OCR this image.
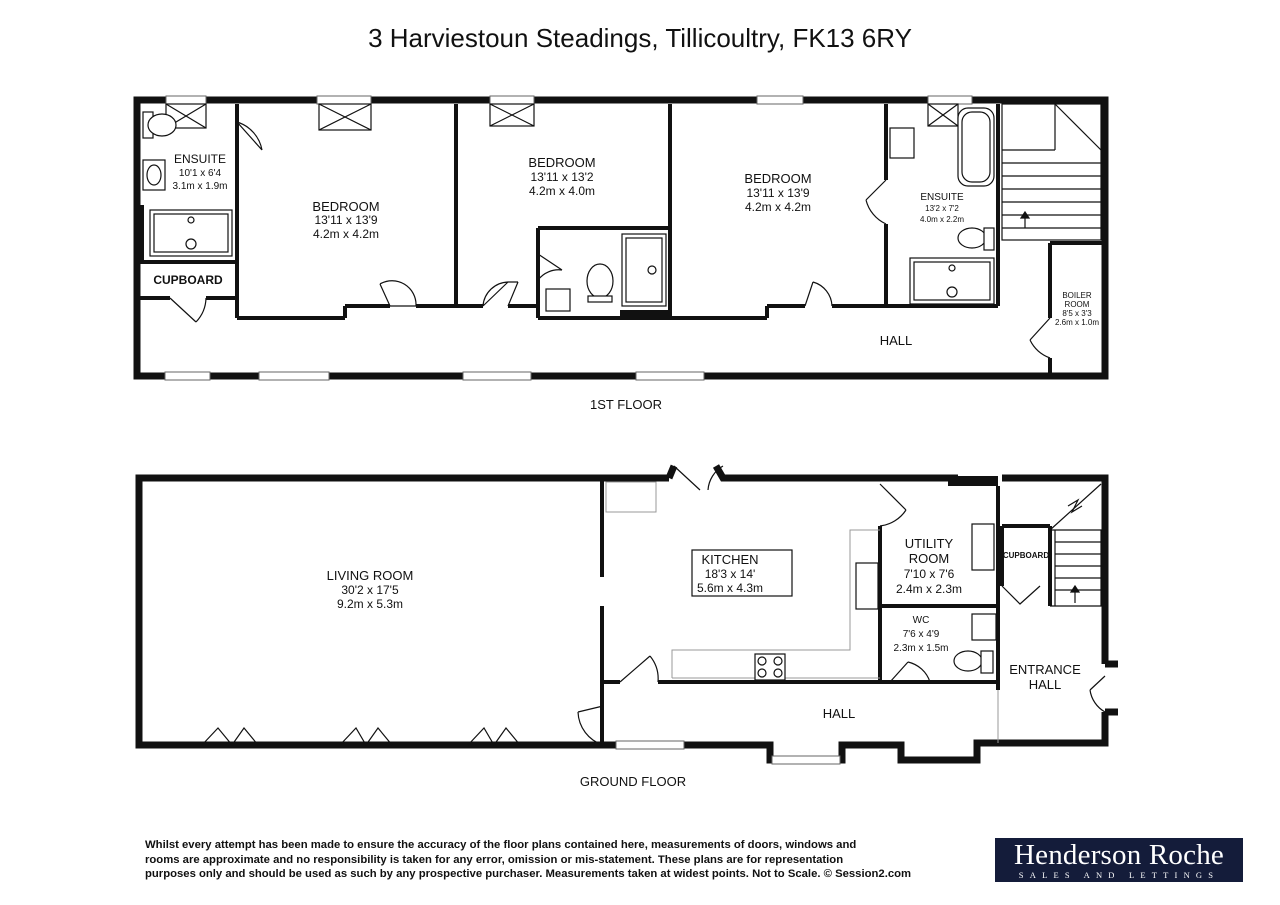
3 Harviestoun Steadings, Tillicoultry, FK13 6RY
ENSUITE
10'1 x 6'4
3.1m x 1.9m
BEDROOM
13'11 x 13'9
4.2m x 4.2m
BEDROOM
13'11 x 13'2
4.2m x 4.0m
BEDROOM
13'11 x 13'9
4.2m x 4.2m
ENSUITE
13'2 x 7'2
4.0m x 2.2m
CUPBOARD
BOILER
ROOM
8'5 x 3'3
2.6m x 1.0m
HALL
1ST FLOOR
LIVING ROOM
30'2 x 17'5
9.2m x 5.3m
KITCHEN
18'3 x 14'
5.6m x 4.3m
UTILITY
ROOM
7'10 x 7'6
2.4m x 2.3m
WC
7'6 x 4'9
2.3m x 1.5m
CUPBOARD
ENTRANCE
HALL
HALL
GROUND FLOOR
Whilst every attempt has been made to ensure the accuracy of the floor plans contained here, measurements of doors, windows and
rooms are approximate and no responsibility is taken for any error, omission or mis-statement. These plans are for representation
purposes only and should be used as such by any prospective purchaser. Measurements taken at widest points. Not to Scale. © Session2.com
Henderson Roche
SALES AND LETTINGS
